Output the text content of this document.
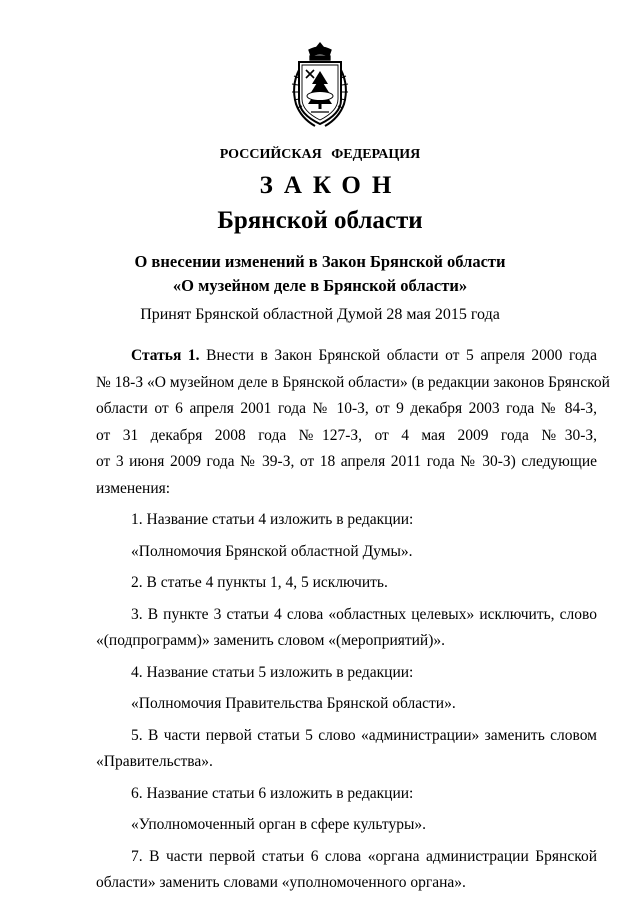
РОССИЙСКАЯ ФЕДЕРАЦИЯ
ЗАКОН
Брянской области
О внесении изменений в Закон Брянской области
«О музейном деле в Брянской области»
Принят Брянской областной Думой 28 мая 2015 года
Статья 1. Внести в Закон Брянской области от 5 апреля 2000 года
№ 18-З «О музейном деле в Брянской области» (в редакции законов Брянской
области от 6 апреля 2001 года № 10-З, от 9 декабря 2003 года № 84-З,
от 31 декабря 2008 года №127-З, от 4 мая 2009 года №30-З,
от 3 июня 2009 года № 39-З, от 18 апреля 2011 года № 30-З) следующие
изменения:
1. Название статьи 4 изложить в редакции:
«Полномочия Брянской областной Думы».
2. В статье 4 пункты 1, 4, 5 исключить.
3. В пункте 3 статьи 4 слова «областных целевых» исключить, слово
«(подпрограмм)» заменить словом «(мероприятий)».
4. Название статьи 5 изложить в редакции:
«Полномочия Правительства Брянской области».
5. В части первой статьи 5 слово «администрации» заменить словом
«Правительства».
6. Название статьи 6 изложить в редакции:
«Уполномоченный орган в сфере культуры».
7. В части первой статьи 6 слова «органа администрации Брянской
области» заменить словами «уполномоченного органа».
